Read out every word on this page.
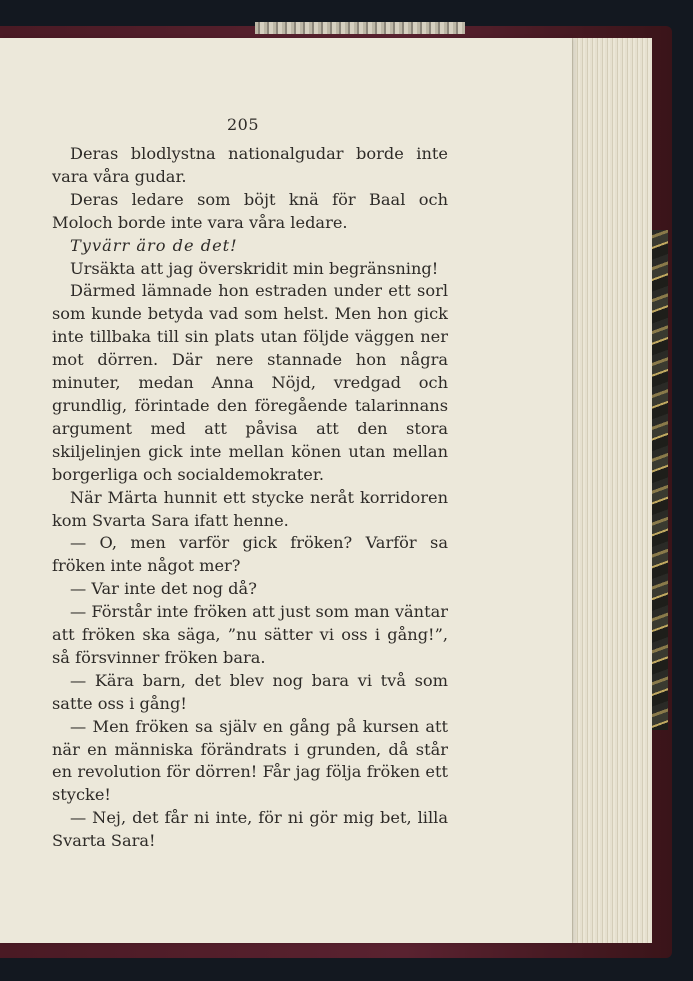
205

Deras blodlystna nationalgudar borde inte vara våra gudar.

Deras ledare som böjt knä för Baal och Moloch borde inte vara våra ledare.

Tyvärr äro de det!

Ursäkta att jag överskridit min begränsning!

Därmed lämnade hon estraden under ett sorl som kunde betyda vad som helst. Men hon gick inte tillbaka till sin plats utan följde väggen ner mot dörren. Där nere stannade hon några minuter, medan Anna Nöjd, vredgad och grundlig, förintade den föregående talarinnans argument med att påvisa att den stora skiljelinjen gick inte mellan könen utan mellan borgerliga och socialdemokrater.

När Märta hunnit ett stycke neråt korridoren kom Svarta Sara ifatt henne.

— O, men varför gick fröken? Varför sa fröken inte något mer?

— Var inte det nog då?

— Förstår inte fröken att just som man väntar att fröken ska säga, ”nu sätter vi oss i gång!”, så försvinner fröken bara.

— Kära barn, det blev nog bara vi två som satte oss i gång!

— Men fröken sa själv en gång på kursen att när en människa förändrats i grunden, då står en revolution för dörren! Får jag följa fröken ett stycke!

— Nej, det får ni inte, för ni gör mig bet, lilla Svarta Sara!
